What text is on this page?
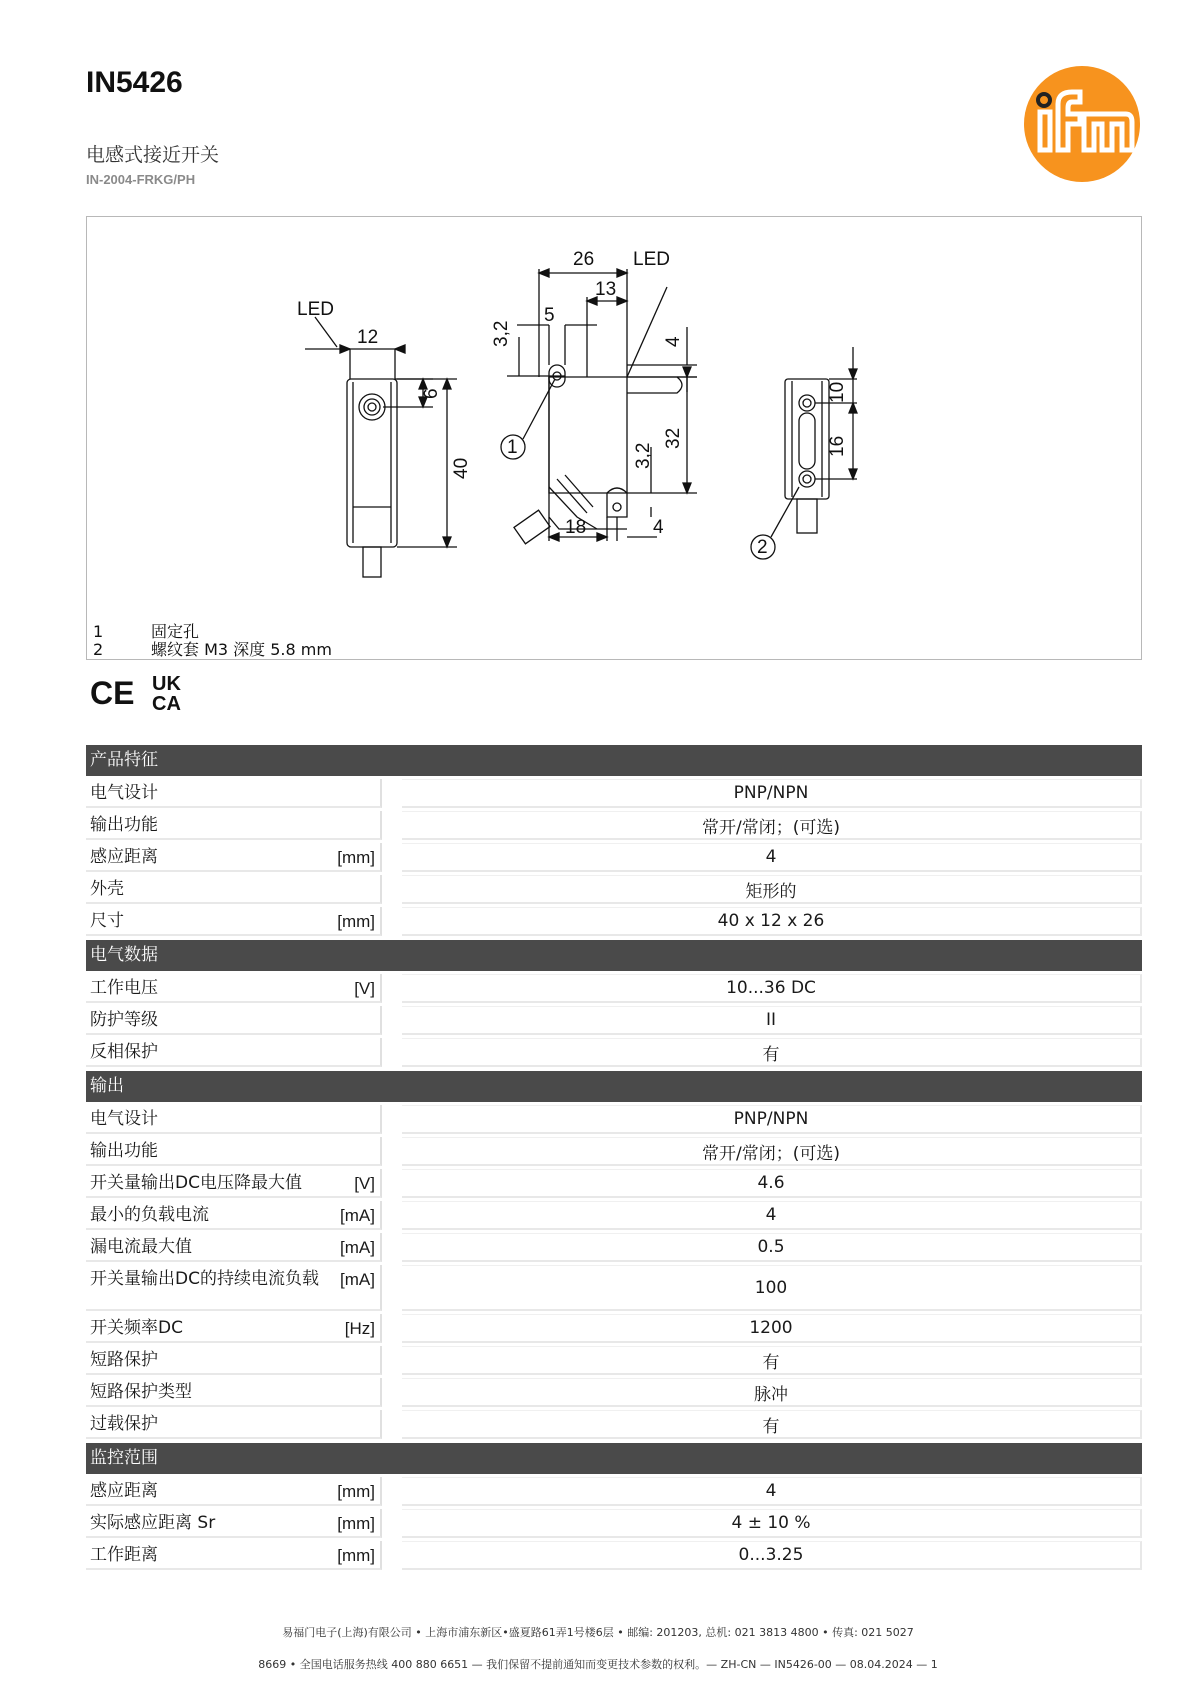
IN5426
电感式接近开关
IN-2004-FRKG/PH
LED
12
6
40
26 LED
13
5
3,2	4
32
3,2
18	4
1
10
16
2
1	固定孔
2	螺纹套 M3 深度 5.8 mm
CE UK
CA
产品特征
电气设计	PNP/NPN
输出功能	常开/常闭；(可选)
感应距离	[mm]	4
外壳	矩形的
尺寸	[mm]	40 x 12 x 26
电气数据
工作电压	[V]	10...36 DC
防护等级	II
反相保护	有
输出
电气设计	PNP/NPN
输出功能	常开/常闭；(可选)
开关量输出DC电压降最大值	[V]	4.6
最小的负载电流	[mA]	4
漏电流最大值	[mA]	0.5
开关量输出DC的持续电流负载	[mA]	100
开关频率DC	[Hz]	1200
短路保护	有
短路保护类型	脉冲
过载保护	有
监控范围
感应距离	[mm]	4
实际感应距离 Sr	[mm]	4 ± 10 %
工作距离	[mm]	0...3.25
易福门电子(上海)有限公司 • 上海市浦东新区•盛夏路61弄1号楼6层 • 邮编: 201203, 总机: 021 3813 4800 • 传真: 021 5027
8669 • 全国电话服务热线 400 880 6651 — 我们保留不提前通知而变更技术参数的权利。— ZH-CN — IN5426-00 — 08.04.2024 — 1
